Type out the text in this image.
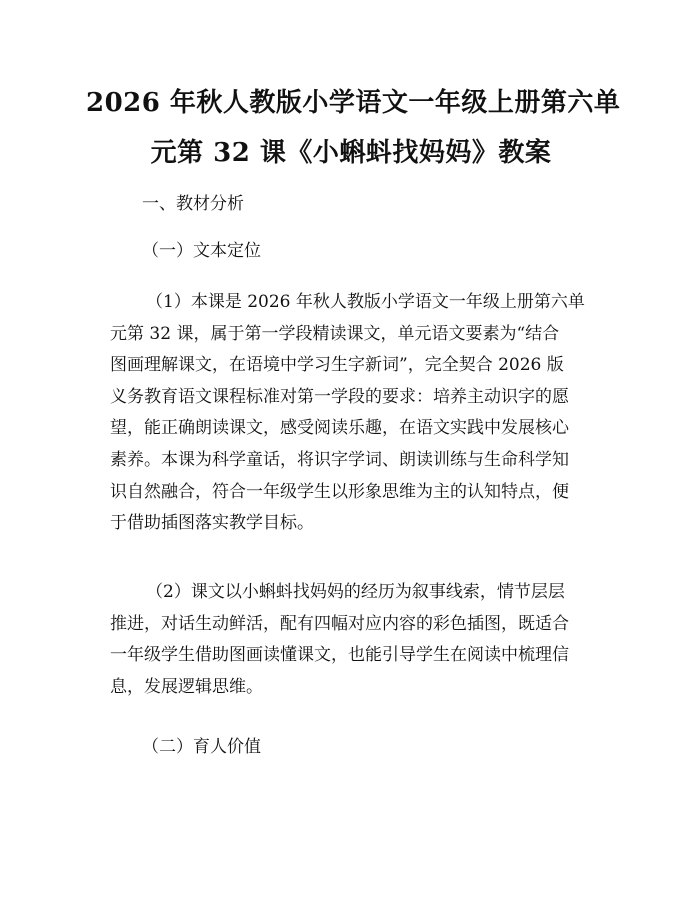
2026 年秋人教版小学语文一年级上册第六单
元第 32 课《小蝌蚪找妈妈》教案
一、教材分析
（一）文本定位
（1）本课是 2026 年秋人教版小学语文一年级上册第六单
元第 32 课，属于第一学段精读课文，单元语文要素为“结合
图画理解课文，在语境中学习生字新词”，完全契合 2026 版
义务教育语文课程标准对第一学段的要求：培养主动识字的愿
望，能正确朗读课文，感受阅读乐趣，在语文实践中发展核心
素养。本课为科学童话，将识字学词、朗读训练与生命科学知
识自然融合，符合一年级学生以形象思维为主的认知特点，便
于借助插图落实教学目标。
（2）课文以小蝌蚪找妈妈的经历为叙事线索，情节层层
推进，对话生动鲜活，配有四幅对应内容的彩色插图，既适合
一年级学生借助图画读懂课文，也能引导学生在阅读中梳理信
息，发展逻辑思维。
（二）育人价值
